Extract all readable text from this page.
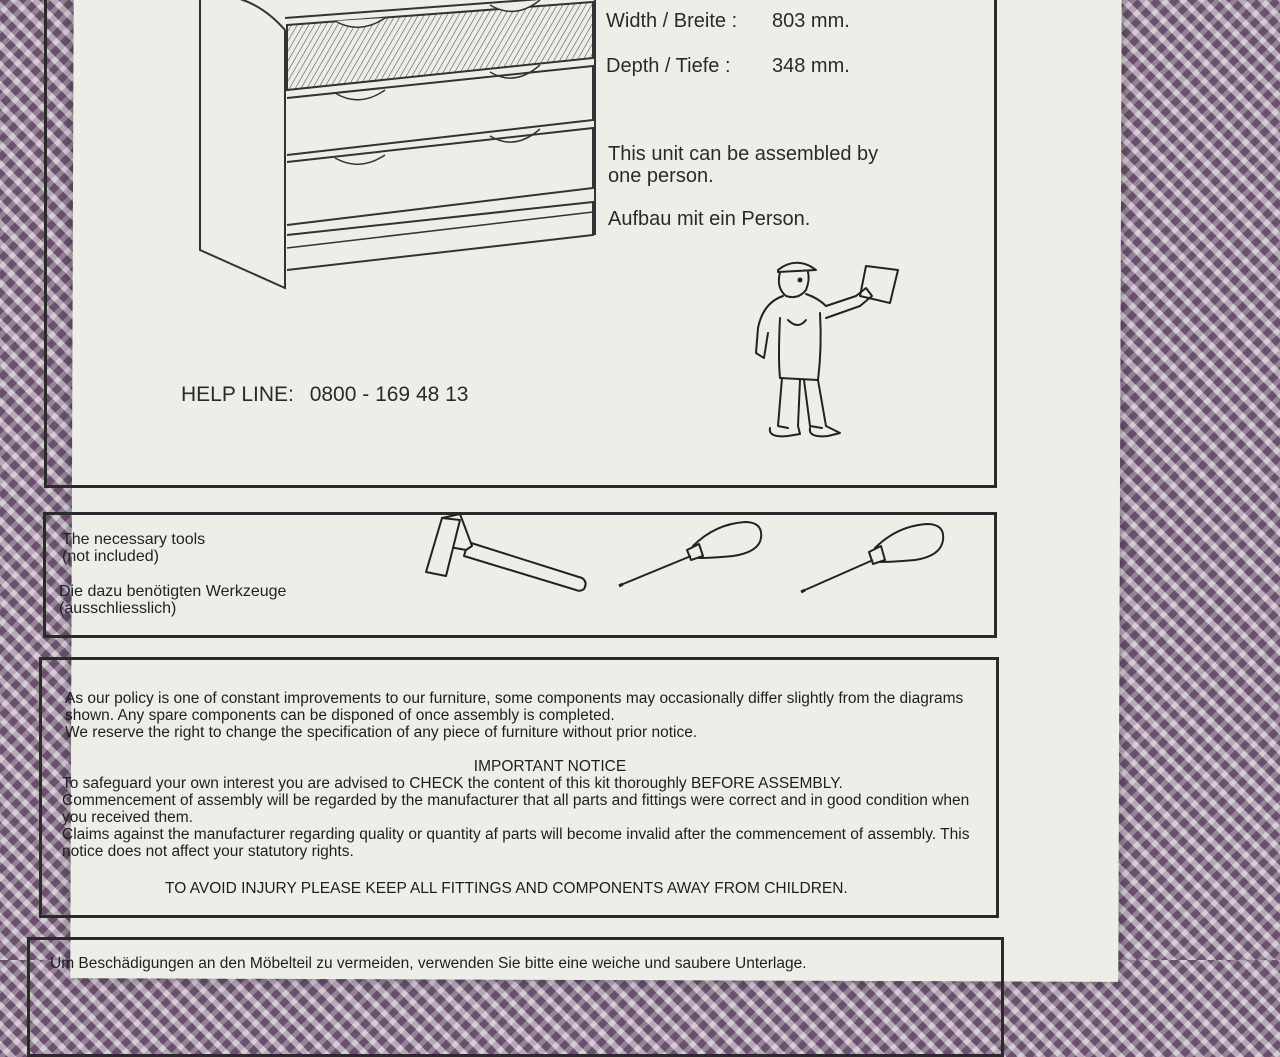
Width / Breite : 803 mm.
Depth / Tiefe : 348 mm.
This unit can be assembled by one person.
Aufbau mit ein Person.
HELP LINE: 0800 - 169 48 13
The necessary tools
(not included)
Die dazu benötigten Werkzeuge
(ausschliesslich)
As our policy is one of constant improvements to our furniture, some components may occasionally differ slightly from the diagrams shown. Any spare components can be disponed of once assembly is completed.
We reserve the right to change the specification of any piece of furniture without prior notice.
IMPORTANT NOTICE
To safeguard your own interest you are advised to CHECK the content of this kit thoroughly BEFORE ASSEMBLY.
Commencement of assembly will be regarded by the manufacturer that all parts and fittings were correct and in good condition when you received them.
Claims against the manufacturer regarding quality or quantity af parts will become invalid after the commencement of assembly. This notice does not affect your statutory rights.
TO AVOID INJURY PLEASE KEEP ALL FITTINGS AND COMPONENTS AWAY FROM CHILDREN.
Um Beschädigungen an den Möbelteil zu vermeiden, verwenden Sie bitte eine weiche und saubere Unterlage.
